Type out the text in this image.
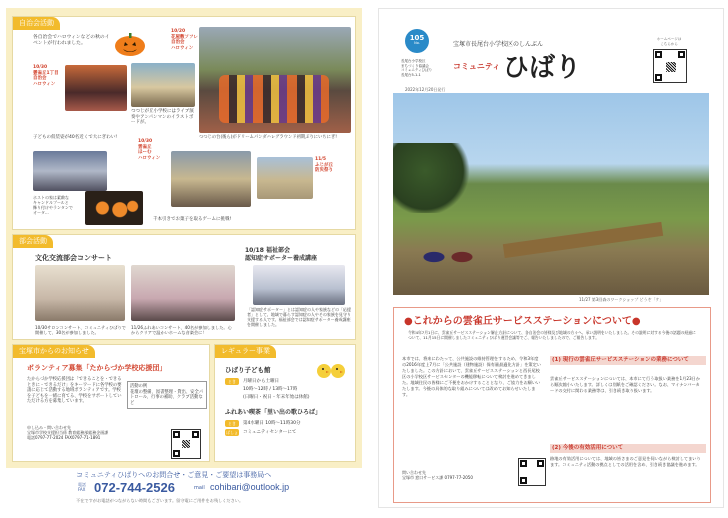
自治会活動
各自治会でハロウィンなどの秋のイベントが行われました。
10/20
花屋敷ソフレ
自治会
ハロウィン
10/30
霊雀丘1丁目
自治会
ハロウィン
子どもの仮装姿が40名近くで大にぎわい!
つつじが丘小学校にはライブ演奏やアンパンマンのイラストボードが。
10/30
雲雀丘
ほーむ
ハロウィン
ホストの家は素敵な
キャンドルプールと
飾り付けやランタンで
オータ...
千本引きでお菓子を取るゲームに挑戦!
11/5
ふじが丘
防災祭り
つつじの台(後ら)がドリームパンダハレグラウンド初期ぶりにいちにぎ!
部会活動
文化交流部会コンサート
10/30サロンコンサート、コミュニティひばりで開催して、30名が参加しました。
11/26ふれあいコンサート、40名が参加しました。心からクリアで温かいホームな音楽会に！
10/18 福祉部会
認知症サポーター養成講座
「認知症サポーター」とは認知症の人や家族などの「応援者」として、地域で暮らす認知症の人やその家族を見守り支援する人です。福祉部会では認知症サポーター養成講座を開催しました。
宝塚市からのお知らせ
ボランティア募集「たからづか学校応援団」
たからづか学校応援団は「できることを・できるときに・できるだけ」をキーワードに各学校の要請に応じて活動する地域ボランティアです。学校を子どもを一緒に育てる、学校をサポートしていただける方を募集しています。
活動の例
花壇の整備、図書整理・貸出、安全パトロール、行事の補助、クラブ活動など
申し込み・問い合わせ先
宝塚市学校支援担当係 教育総務部総務企画課
電話0797-77-2024 FAX0797-71-1891
レギュラー事業
ひばり子ども館
とき	月曜日から土曜日
10時〜12時 / 13時〜17時
(日曜日・祝日・年末年始は休館)
ふれあい喫茶「里い出の歌ひろば」
とき	第4水曜日 10時〜11時30分
ばしょ コミュニティセンターにて
コミュニティひばりへのお問合せ・ご意見・ご要望は事務局へ
電話
FAX 072-744-2526	mail cohibari@outlook.jp
不在ですがお電話がつながらない時間もございます。留守電にご用件をお残しください。
105
No.
長尾台小学校区
まちづくり協議会
コミュニティひばり
長尾台5-1-1
宝塚市長尾台小学校区のしんぶん
コミュニティ ひばり
2022年12月20日発行
ホームページは
こちらから
11/27 第3回森のワークショップ どうぞ「ケ」
●これからの雲雀丘サービスステーションについて●
令和4年7月1日に、雲雀丘サービスステーション解止方針について、各自治会の皆様及び地域の方々へ、承い説明をいたしました。その説明に対する今後の話題の経過について、11月15日に開催しましたコミュニティひばり運営会議等でご、報告いたしましたので、ご報告します。
本市では、将来にわたって、公共施設の維持管理をするため、令和3年度の2016年度上7月に「公共施設（建物施設）保有量最適化方針」を策定いたしました。この方針において、雲雀丘サービスステーションと西長尾校区の小学校区サービスセンターの機能移転について検討を進めてきました。地域住民の皆様にご不便をおかけすることとなり、ご協力をお願いいたします。今後の具体的な取り組みについては改めてお知らせいたします。
問い合わせ先
宝塚市 窓口サービス課 0797-77-2050
(1) 現行の雲雀丘サービスステーションの業務について
雲雀丘サービスステーションについては、本市にて行う取扱い業務を1月23日から順次縮小いたします。詳しくは別紙をご確認ください。なお、マイナンバーカードの交付に関わる業務等は、引き続き取り扱います。
(2) 今後の有効活用について
跡地の有効活用については、地域の皆さまのご意見を伺いながら検討してまいります。コミュニティ活動の拠点としての活用を含め、引き続き協議を進めます。
